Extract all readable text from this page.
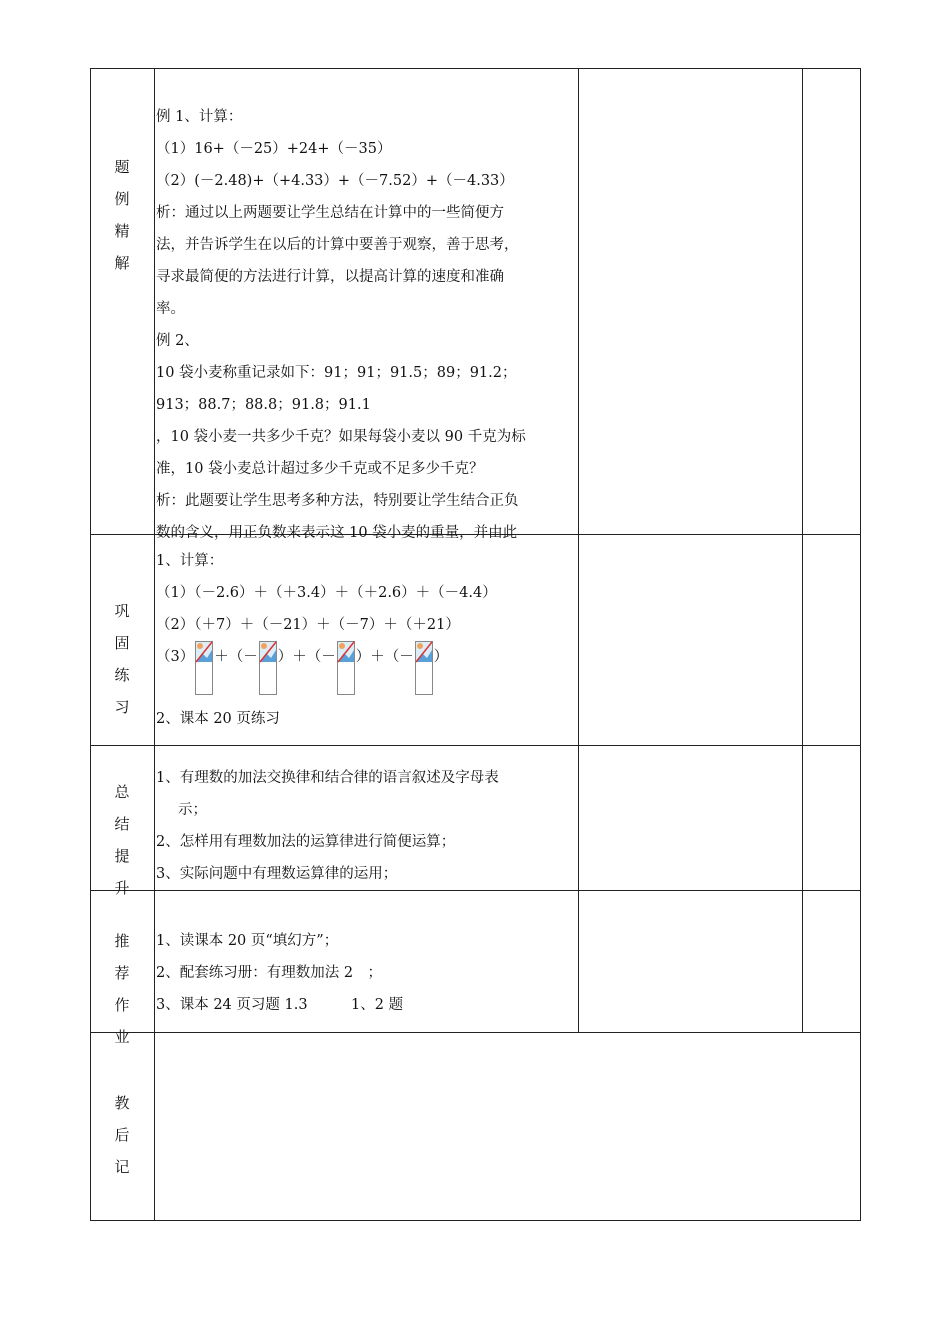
题
例
精
解
例 1、计算：
（1）16+（－25）+24+（－35）
（2）(－2.48)+（+4.33）+（－7.52）+（－4.33）
析：通过以上两题要让学生总结在计算中的一些简便方
法，并告诉学生在以后的计算中要善于观察，善于思考，
寻求最简便的方法进行计算，以提高计算的速度和准确
率。
例 2、
10 袋小麦称重记录如下：91；91；91.5；89；91.2；
913；88.7；88.8；91.8；91.1
，10 袋小麦一共多少千克？如果每袋小麦以 90 千克为标
准，10 袋小麦总计超过多少千克或不足多少千克？
析：此题要让学生思考多种方法，特别要让学生结合正负
数的含义，用正负数来表示这 10 袋小麦的重量，并由此
巩
固
练
习
1、计算：
（1）（－2.6）＋（＋3.4）＋（＋2.6）＋（－4.4）
（2）（＋7）＋（－21）＋（－7）＋（＋21）
（3） ＋（－ ）＋（－ ）＋（－ ）
2、课本 20 页练习
总
结
提
升
1、有理数的加法交换律和结合律的语言叙述及字母表
示；
2、怎样用有理数加法的运算律进行简便运算；
3、实际问题中有理数运算律的运用；
推
荐
作
业
1、读课本 20 页“填幻方”；
2、配套练习册：有理数加法 2　；
3、课本 24 页习题 1.3　　　1、2 题
教
后
记
